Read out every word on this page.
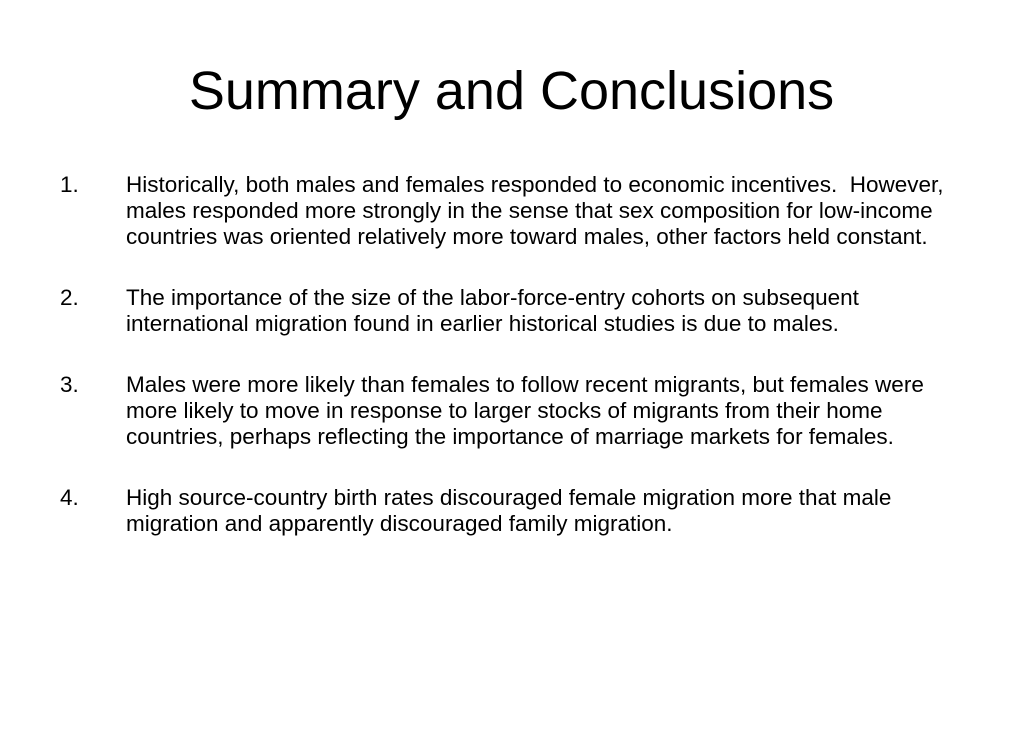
Summary and Conclusions
1.	Historically, both males and females responded to economic incentives.  However, males responded more strongly in the sense that sex composition for low-income countries was oriented relatively more toward males, other factors held constant.
2.	The importance of the size of the labor-force-entry cohorts on subsequent international migration found in earlier historical studies is due to males.
3.	Males were more likely than females to follow recent migrants, but females were more likely to move in response to larger stocks of migrants from their home countries, perhaps reflecting the importance of marriage markets for females.
4.	High source-country birth rates discouraged female migration more that male migration and apparently discouraged family migration.
